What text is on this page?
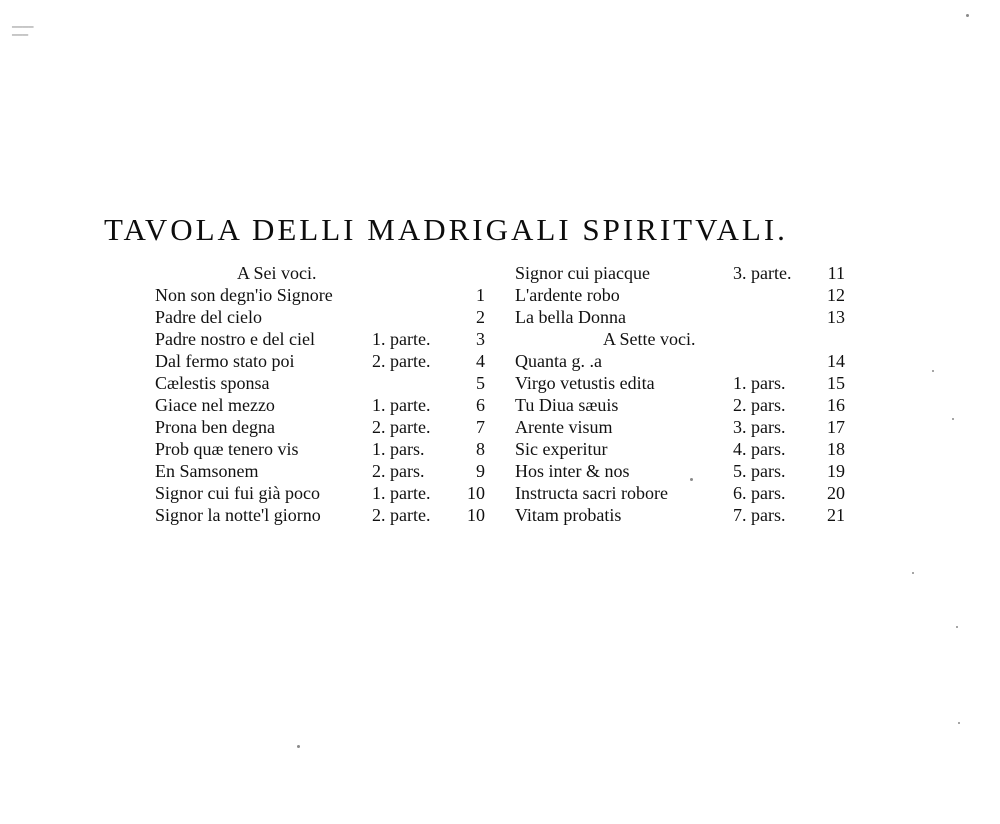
▔▔▔▔
▔▔▔
TAVOLA DELLI MADRIGALI SPIRITVALI.
A Sei voci.
Non son degn'io Signore	1
Padre del cielo	2
Padre nostro e del ciel	1. parte.	3
Dal fermo stato poi	2. parte.	4
Cælestis sponsa	5
Giace nel mezzo	1. parte.	6
Prona ben degna	2. parte.	7
Prob quæ tenero vis	1. pars.	8
En Samsonem	2. pars.	9
Signor cui fui già poco	1. parte. 10
Signor la notte'l giorno	2. parte. 10
Signor cui piacque	3. parte. 11
L'ardente robo	12
La bella Donna	13
A Sette voci.
Quanta g. .a	14
Virgo vetustis edita	1. pars. 15
Tu Diua sæuis	2. pars. 16
Arente visum	3. pars. 17
Sic experitur	4. pars. 18
Hos inter & nos	5. pars. 19
Instructa sacri robore	6. pars. 20
Vitam probatis	7. pars. 21
